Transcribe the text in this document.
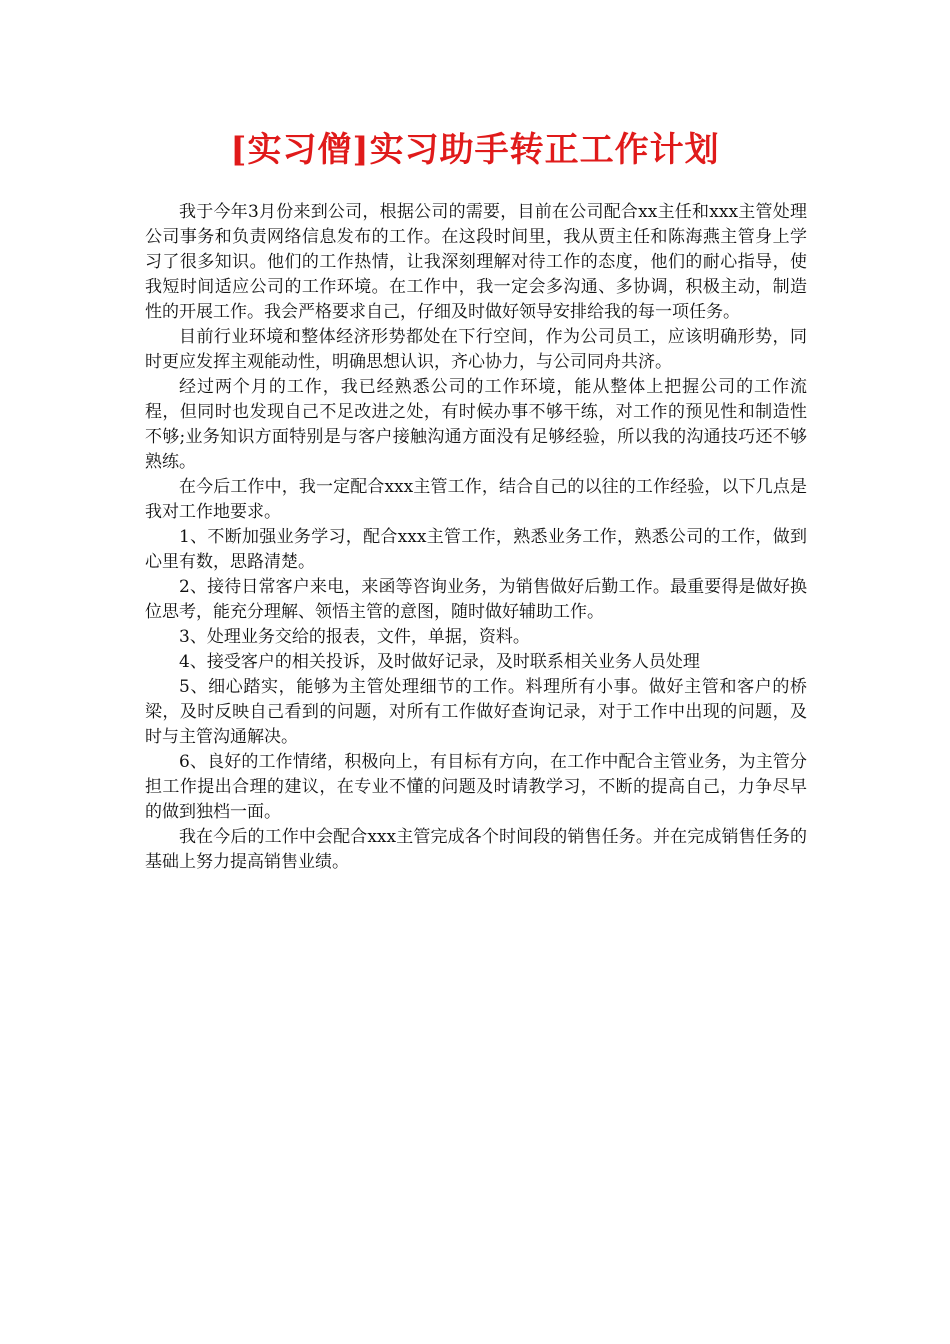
[实习僧]实习助手转正工作计划

我于今年3月份来到公司，根据公司的需要，目前在公司配合xx主任和xxx主管处理公司事务和负责网络信息发布的工作。在这段时间里，我从贾主任和陈海燕主管身上学习了很多知识。他们的工作热情，让我深刻理解对待工作的态度，他们的耐心指导，使我短时间适应公司的工作环境。在工作中，我一定会多沟通、多协调，积极主动，制造性的开展工作。我会严格要求自己，仔细及时做好领导安排给我的每一项任务。

目前行业环境和整体经济形势都处在下行空间，作为公司员工，应该明确形势，同时更应发挥主观能动性，明确思想认识，齐心协力，与公司同舟共济。

经过两个月的工作，我已经熟悉公司的工作环境，能从整体上把握公司的工作流程，但同时也发现自己不足改进之处，有时候办事不够干练，对工作的预见性和制造性不够;业务知识方面特别是与客户接触沟通方面没有足够经验，所以我的沟通技巧还不够熟练。

在今后工作中，我一定配合xxx主管工作，结合自己的以往的工作经验，以下几点是我对工作地要求。

1、不断加强业务学习，配合xxx主管工作，熟悉业务工作，熟悉公司的工作，做到心里有数，思路清楚。

2、接待日常客户来电，来函等咨询业务，为销售做好后勤工作。最重要得是做好换位思考，能充分理解、领悟主管的意图，随时做好辅助工作。

3、处理业务交给的报表，文件，单据，资料。

4、接受客户的相关投诉，及时做好记录，及时联系相关业务人员处理

5、细心踏实，能够为主管处理细节的工作。料理所有小事。做好主管和客户的桥梁，及时反映自己看到的问题，对所有工作做好查询记录，对于工作中出现的问题，及时与主管沟通解决。

6、良好的工作情绪，积极向上，有目标有方向，在工作中配合主管业务，为主管分担工作提出合理的建议，在专业不懂的问题及时请教学习，不断的提高自己，力争尽早的做到独档一面。

我在今后的工作中会配合xxx主管完成各个时间段的销售任务。并在完成销售任务的基础上努力提高销售业绩。
